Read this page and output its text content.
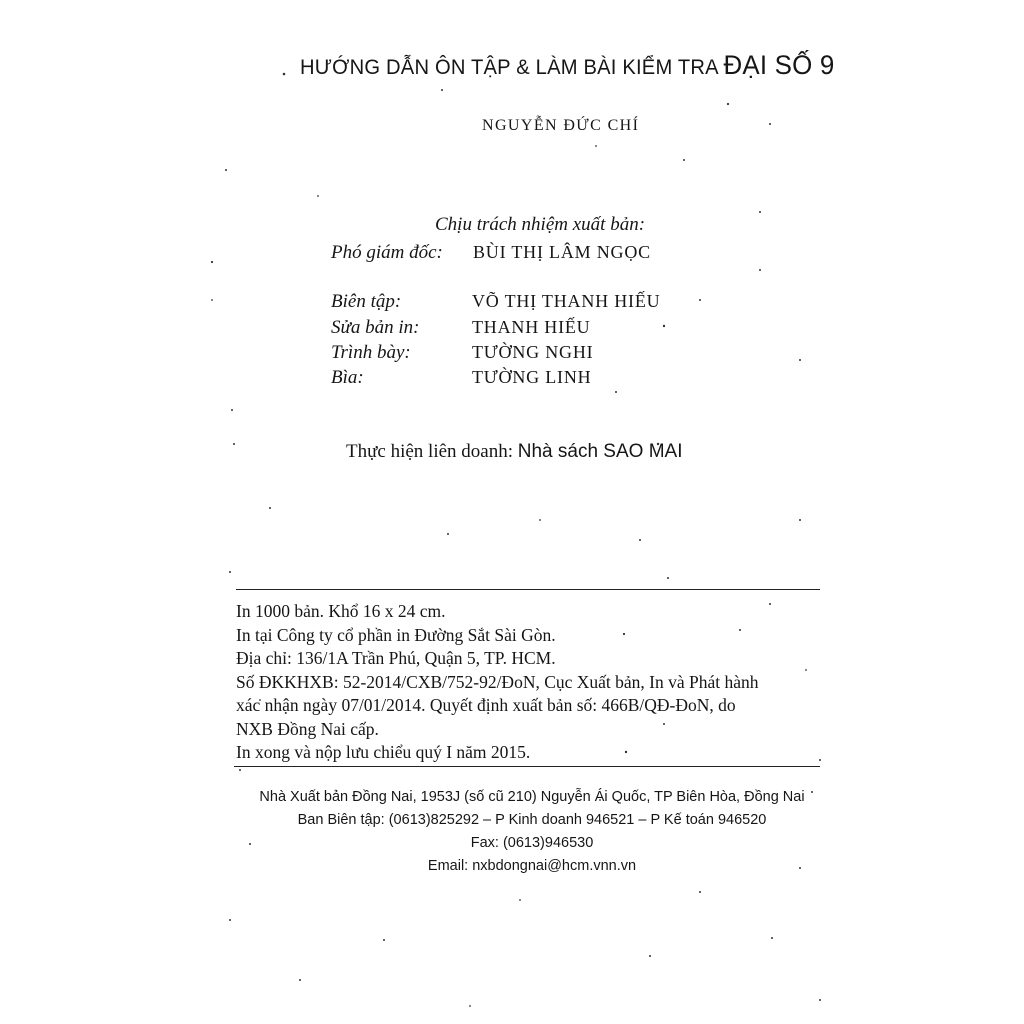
HƯỚNG DẪN ÔN TẬP & LÀM BÀI KIỂM TRA ĐẠI SỐ 9
NGUYỄN ĐỨC CHÍ
Chịu trách nhiệm xuất bản:
Phó giám đốc: BÙI THỊ LÂM NGỌC
Biên tập:	VÕ THỊ THANH HIẾU
Sửa bản in:	THANH HIẾU
Trình bày:	TƯỜNG NGHI
Bìa:	TƯỜNG LINH
Thực hiện liên doanh: Nhà sách SAO MAI
In 1000 bản. Khổ 16 x 24 cm.
In tại Công ty cổ phần in Đường Sắt Sài Gòn.
Địa chỉ: 136/1A Trần Phú, Quận 5, TP. HCM.
Số ĐKKHXB: 52-2014/CXB/752-92/ĐoN, Cục Xuất bản, In và Phát hành
xác nhận ngày 07/01/2014. Quyết định xuất bản số: 466B/QĐ-ĐoN, do
NXB Đồng Nai cấp.
In xong và nộp lưu chiểu quý I năm 2015.
Nhà Xuất bản Đồng Nai, 1953J (số cũ 210) Nguyễn Ái Quốc, TP Biên Hòa, Đồng Nai
Ban Biên tập: (0613)825292 – P Kinh doanh 946521 – P Kế toán 946520
Fax: (0613)946530
Email: nxbdongnai@hcm.vnn.vn
